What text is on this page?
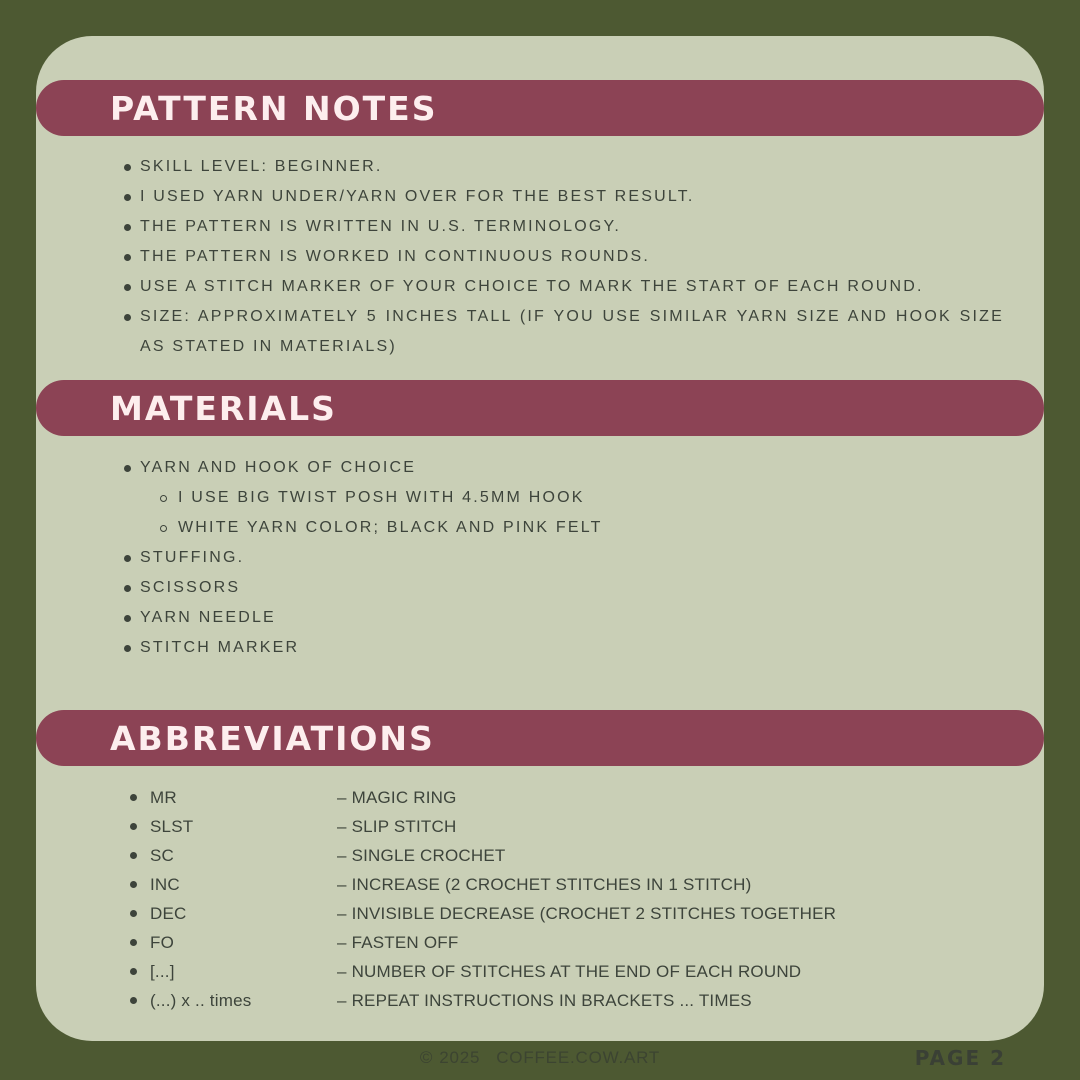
PATTERN NOTES
SKILL LEVEL: BEGINNER.
I USED YARN UNDER/YARN OVER FOR THE BEST RESULT.
THE PATTERN IS WRITTEN IN U.S. TERMINOLOGY.
THE PATTERN IS WORKED IN CONTINUOUS ROUNDS.
USE A STITCH MARKER OF YOUR CHOICE TO MARK THE START OF EACH ROUND.
SIZE: APPROXIMATELY 5 INCHES TALL (IF YOU USE SIMILAR YARN SIZE AND HOOK SIZE AS STATED IN MATERIALS)
MATERIALS
YARN AND HOOK OF CHOICE
I USE BIG TWIST POSH WITH 4.5MM HOOK
WHITE YARN COLOR; BLACK AND PINK FELT
STUFFING.
SCISSORS
YARN NEEDLE
STITCH MARKER
ABBREVIATIONS
MR	– MAGIC RING
SLST	– SLIP STITCH
SC	– SINGLE CROCHET
INC	– INCREASE (2 CROCHET STITCHES IN 1 STITCH)
DEC	– INVISIBLE DECREASE (CROCHET 2 STITCHES TOGETHER
FO	– FASTEN OFF
[...]	– NUMBER OF STITCHES AT THE END OF EACH ROUND
(...) x .. times	– REPEAT INSTRUCTIONS IN BRACKETS ... TIMES
© 2025 COFFEE.COW.ART	PAGE 2
